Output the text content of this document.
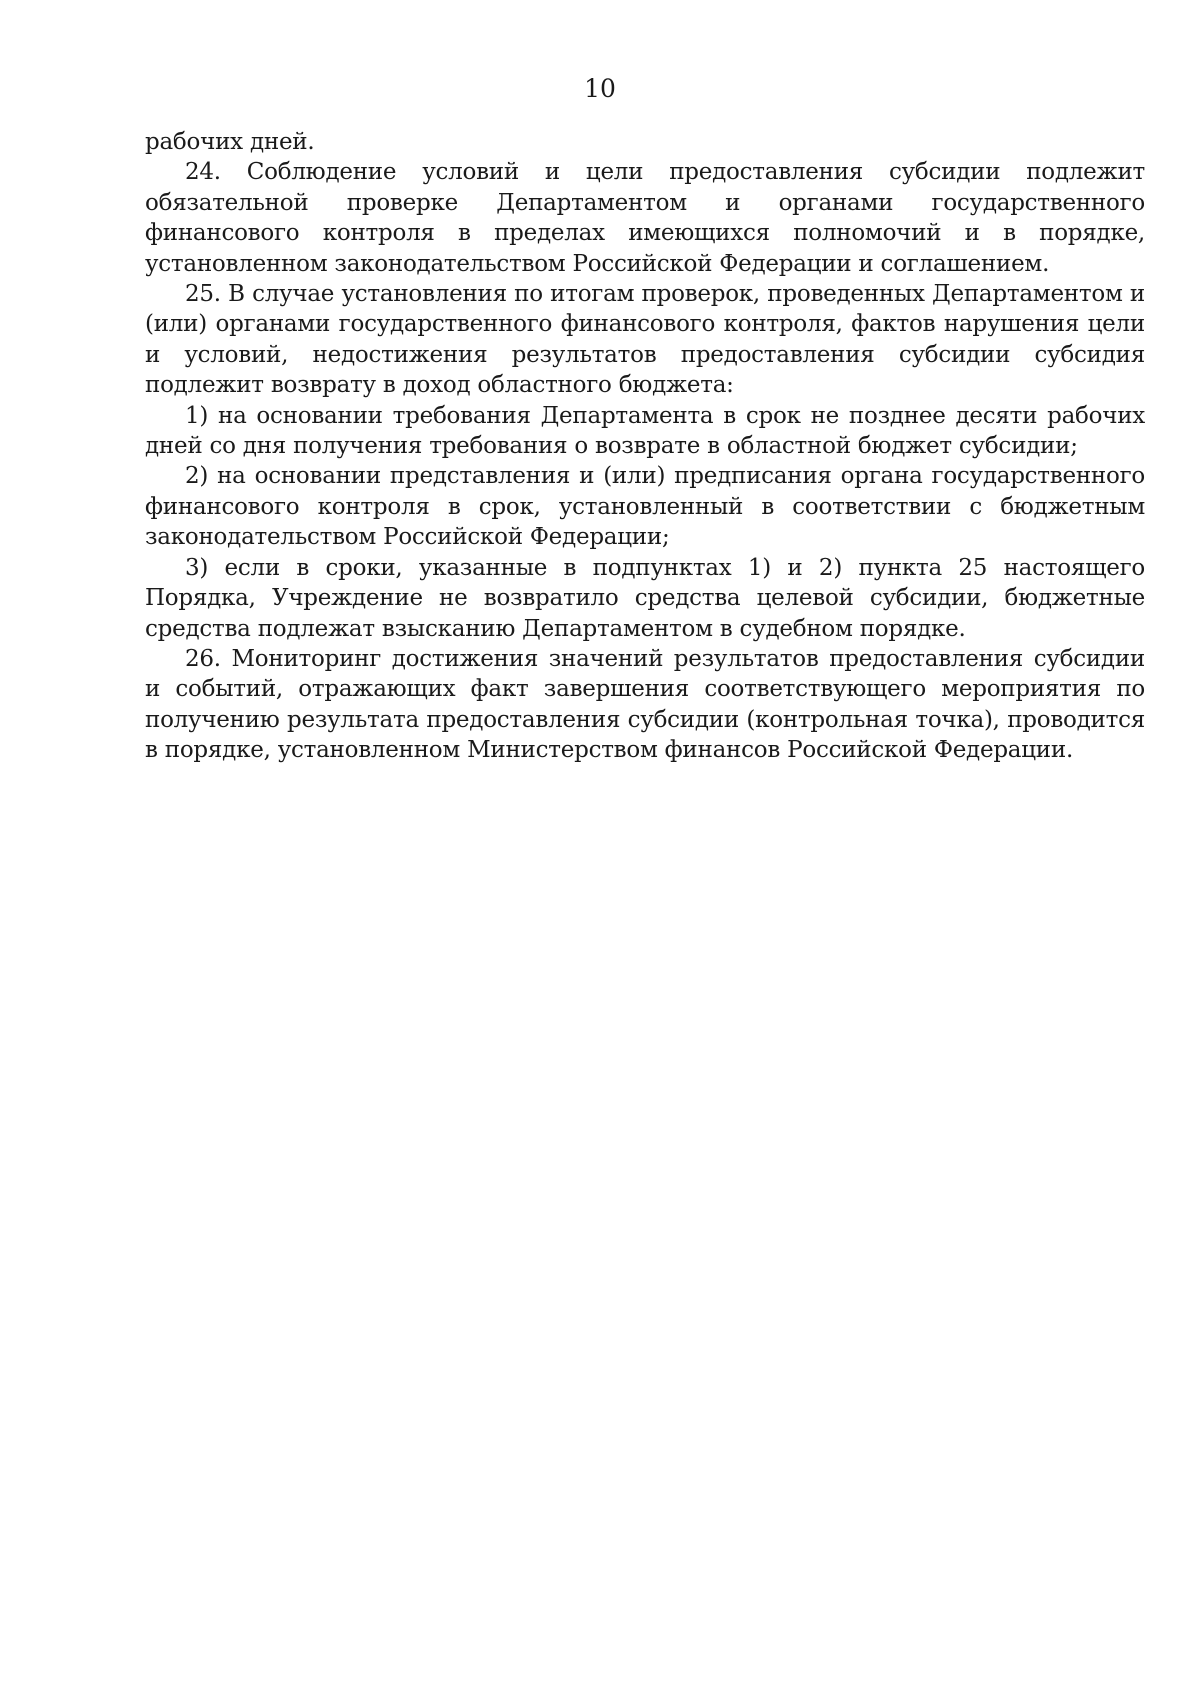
10

рабочих дней.

24. Соблюдение условий и цели предоставления субсидии подлежит обязательной проверке Департаментом и органами государственного финансового контроля в пределах имеющихся полномочий и в порядке, установленном законодательством Российской Федерации и соглашением.

25. В случае установления по итогам проверок, проведенных Департаментом и (или) органами государственного финансового контроля, фактов нарушения цели и условий, недостижения результатов предоставления субсидии субсидия подлежит возврату в доход областного бюджета:

1) на основании требования Департамента в срок не позднее десяти рабочих дней со дня получения требования о возврате в областной бюджет субсидии;

2) на основании представления и (или) предписания органа государственного финансового контроля в срок, установленный в соответствии с бюджетным законодательством Российской Федерации;

3) если в сроки, указанные в подпунктах 1) и 2) пункта 25 настоящего Порядка, Учреждение не возвратило средства целевой субсидии, бюджетные средства подлежат взысканию Департаментом в судебном порядке.

26. Мониторинг достижения значений результатов предоставления субсидии и событий, отражающих факт завершения соответствующего мероприятия по получению результата предоставления субсидии (контрольная точка), проводится в порядке, установленном Министерством финансов Российской Федерации.
